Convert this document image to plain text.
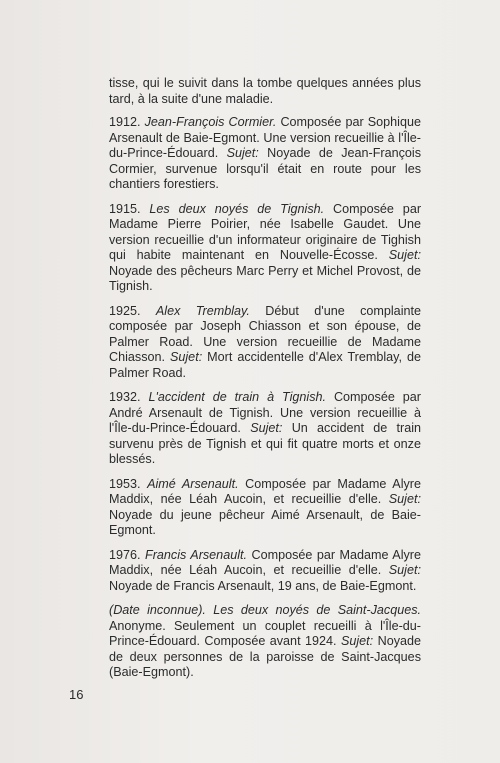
tisse, qui le suivit dans la tombe quelques années plus tard, à la suite d'une maladie.

1912. Jean-François Cormier. Composée par Sophique Arsenault de Baie-Egmont. Une version recueillie à l'Île-du-Prince-Édouard. Sujet: Noyade de Jean-François Cormier, survenue lorsqu'il était en route pour les chantiers forestiers.

1915. Les deux noyés de Tignish. Composée par Madame Pierre Poirier, née Isabelle Gaudet. Une version recueillie d'un informateur originaire de Tighish qui habite maintenant en Nouvelle-Écosse. Sujet: Noyade des pêcheurs Marc Perry et Michel Provost, de Tignish.

1925. Alex Tremblay. Début d'une complainte composée par Joseph Chiasson et son épouse, de Palmer Road. Une version recueillie de Madame Chiasson. Sujet: Mort accidentelle d'Alex Tremblay, de Palmer Road.

1932. L'accident de train à Tignish. Composée par André Arsenault de Tignish. Une version recueillie à l'Île-du-Prince-Édouard. Sujet: Un accident de train survenu près de Tignish et qui fit quatre morts et onze blessés.

1953. Aimé Arsenault. Composée par Madame Alyre Maddix, née Léah Aucoin, et recueillie d'elle. Sujet: Noyade du jeune pêcheur Aimé Arsenault, de Baie-Egmont.

1976. Francis Arsenault. Composée par Madame Alyre Maddix, née Léah Aucoin, et recueillie d'elle. Sujet: Noyade de Francis Arsenault, 19 ans, de Baie-Egmont.

(Date inconnue). Les deux noyés de Saint-Jacques. Anonyme. Seulement un couplet recueilli à l'Île-du-Prince-Édouard. Composée avant 1924. Sujet: Noyade de deux personnes de la paroisse de Saint-Jacques (Baie-Egmont).

16
